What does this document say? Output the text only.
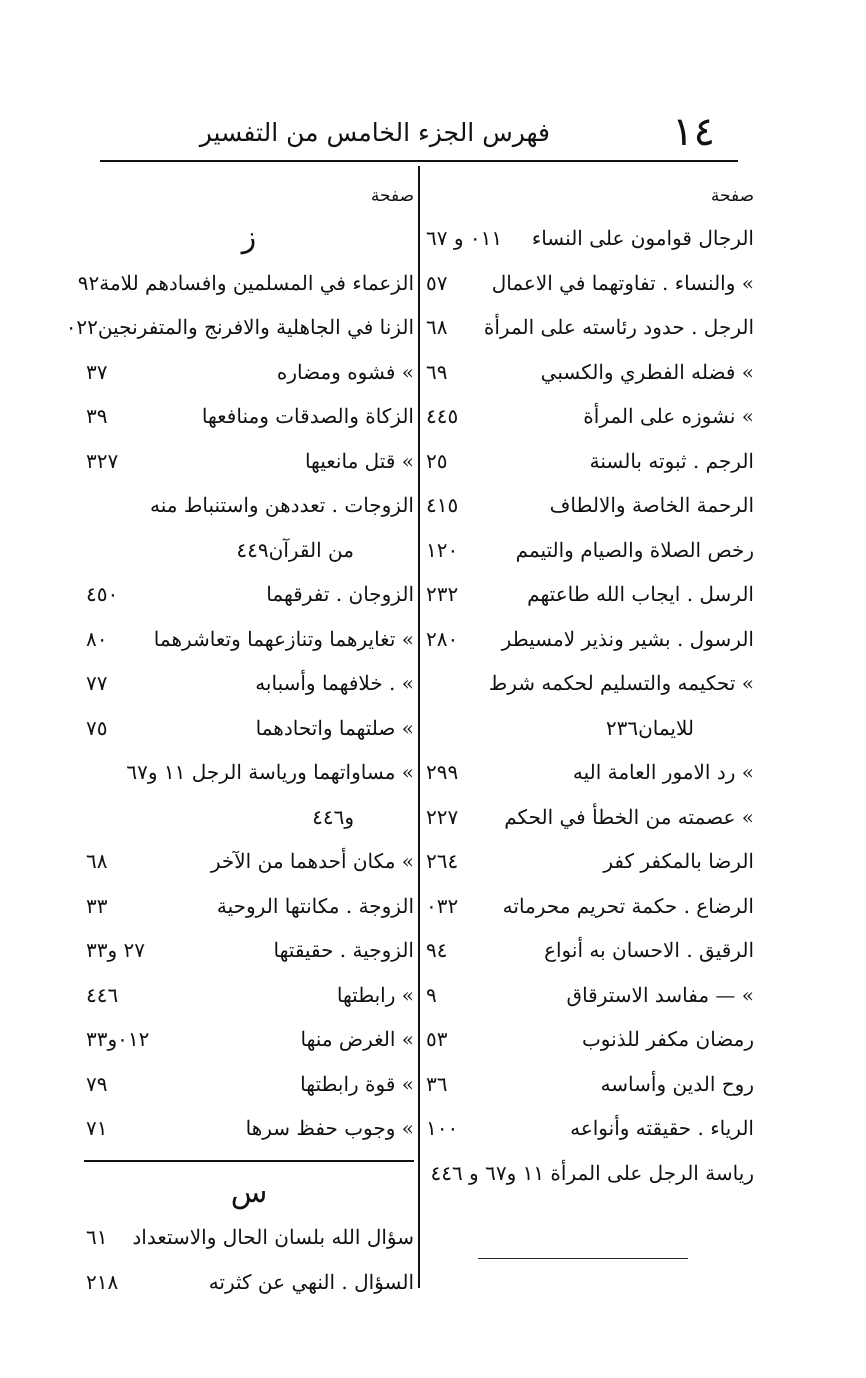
١٤
فهرس الجزء الخامس من التفسير
صفحة
الرجال قوامون على النساء
٠١١ و ٦٧
» والنساء . تفاوتهما في الاعمال
٥٧
الرجل . حدود رئاسته على المرأة
٦٨
» فضله الفطري والكسبي
٦٩
» نشوزه على المرأة
٤٤٥
الرجم . ثبوته بالسنة
٢٥
الرحمة الخاصة والالطاف
٤١٥
رخص الصلاة والصيام والتيمم
١٢٠
الرسل . ايجاب الله طاعتهم
٢٣٢
الرسول . بشير ونذير لامسيطر
٢٨٠
» تحكيمه والتسليم لحكمه شرط
للايمان
٢٣٦
» رد الامور العامة اليه
٢٩٩
» عصمته من الخطأ في الحكم
٢٢٧
الرضا بالمكفر كفر
٢٦٤
الرضاع . حكمة تحريم محرماته
٠٣٢
الرقيق . الاحسان به أنواع
٩٤
» — مفاسد الاسترقاق
٩
رمضان مكفر للذنوب
٥٣
روح الدين وأساسه
٣٦
الرياء . حقيقته وأنواعه
١٠٠
رياسة الرجل على المرأة ١١ و٦٧ و ٤٤٦
صفحة
ز
الزعماء في المسلمين وافسادهم للامة
٩٢
الزنا في الجاهلية والافرنج والمتفرنجين
٠٢٢
» فشوه ومضاره
٣٧
الزكاة والصدقات ومنافعها
٣٩
» قتل مانعيها
٣٢٧
الزوجات . تعددهن واستنباط منه
من القرآن
٤٤٩
الزوجان . تفرقهما
٤٥٠
» تغايرهما وتنازعهما وتعاشرهما
٨٠
» . خلافهما وأسبابه
٧٧
» صلتهما واتحادهما
٧٥
» مساواتهما ورياسة الرجل ١١ و٦٧
و٤٤٦
» مكان أحدهما من الآخر
٦٨
الزوجة . مكانتها الروحية
٣٣
الزوجية . حقيقتها
٢٧ و٣٣
» رابطتها
٤٤٦
» الغرض منها
٠١٢و٣٣
» قوة رابطتها
٧٩
» وجوب حفظ سرها
٧١
س
سؤال الله بلسان الحال والاستعداد
٦١
السؤال . النهي عن كثرته
٢١٨
